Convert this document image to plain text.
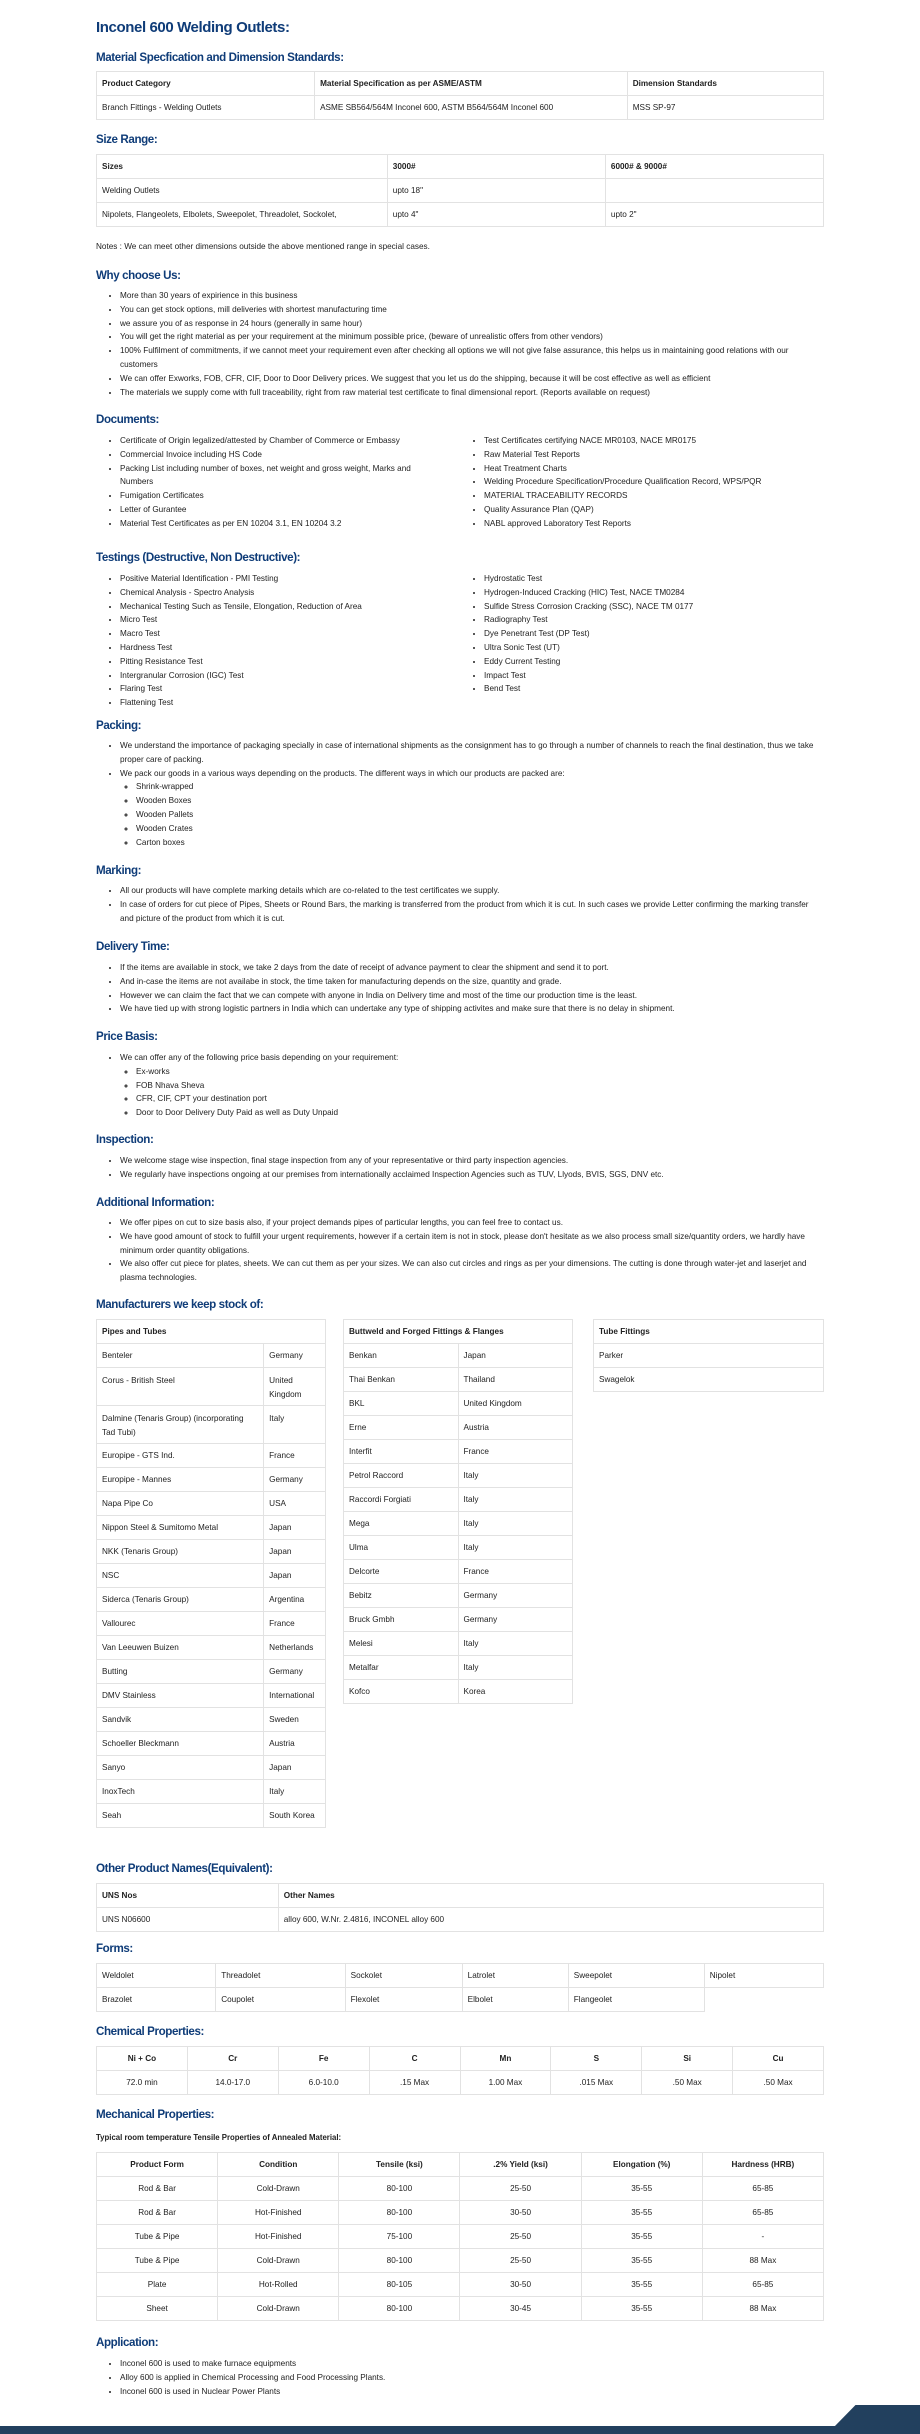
Inconel 600 Welding Outlets:
Material Specfication and Dimension Standards:
Product Category	Material Specification as per ASME/ASTM	Dimension Standards
Branch Fittings - Welding Outlets	ASME SB564/564M Inconel 600, ASTM B564/564M Inconel 600	MSS SP-97
Size Range:
Sizes	3000#	6000# & 9000#
Welding Outlets	upto 18"	
Nipolets, Flangeolets, Elbolets, Sweepolet, Threadolet, Sockolet,	upto 4"	upto 2"
Notes : We can meet other dimensions outside the above mentioned range in special cases.
Why choose Us:
• More than 30 years of expirience in this business
• You can get stock options, mill deliveries with shortest manufacturing time
• we assure you of as response in 24 hours (generally in same hour)
• You will get the right material as per your requirement at the minimum possible price, (beware of unrealistic offers from other vendors)
• 100% Fulfilment of commitments, if we cannot meet your requirement even after checking all options we will not give false assurance, this helps us in maintaining good relations with our customers
• We can offer Exworks, FOB, CFR, CIF, Door to Door Delivery prices. We suggest that you let us do the shipping, because it will be cost effective as well as efficient
• The materials we supply come with full traceability, right from raw material test certificate to final dimensional report. (Reports available on request)
Documents:
• Certificate of Origin legalized/attested by Chamber of Commerce or Embassy
• Commercial Invoice including HS Code
• Packing List including number of boxes, net weight and gross weight, Marks and Numbers
• Fumigation Certificates
• Letter of Gurantee
• Material Test Certificates as per EN 10204 3.1, EN 10204 3.2
• Test Certificates certifying NACE MR0103, NACE MR0175
• Raw Material Test Reports
• Heat Treatment Charts
• Welding Procedure Specification/Procedure Qualification Record, WPS/PQR
• MATERIAL TRACEABILITY RECORDS
• Quality Assurance Plan (QAP)
• NABL approved Laboratory Test Reports
Testings (Destructive, Non Destructive):
• Positive Material Identification - PMI Testing
• Chemical Analysis - Spectro Analysis
• Mechanical Testing Such as Tensile, Elongation, Reduction of Area
• Micro Test
• Macro Test
• Hardness Test
• Pitting Resistance Test
• Intergranular Corrosion (IGC) Test
• Flaring Test
• Flattening Test
• Hydrostatic Test
• Hydrogen-Induced Cracking (HIC) Test, NACE TM0284
• Sulfide Stress Corrosion Cracking (SSC), NACE TM 0177
• Radiography Test
• Dye Penetrant Test (DP Test)
• Ultra Sonic Test (UT)
• Eddy Current Testing
• Impact Test
• Bend Test
Packing:
• We understand the importance of packaging specially in case of international shipments as the consignment has to go through a number of channels to reach the final destination, thus we take proper care of packing.
• We pack our goods in a various ways depending on the products. The different ways in which our products are packed are:
◦ Shrink-wrapped
◦ Wooden Boxes
◦ Wooden Pallets
◦ Wooden Crates
◦ Carton boxes
Marking:
• All our products will have complete marking details which are co-related to the test certificates we supply.
• In case of orders for cut piece of Pipes, Sheets or Round Bars, the marking is transferred from the product from which it is cut. In such cases we provide Letter confirming the marking transfer and picture of the product from which it is cut.
Delivery Time:
• If the items are available in stock, we take 2 days from the date of receipt of advance payment to clear the shipment and send it to port.
• And in-case the items are not availabe in stock, the time taken for manufacturing depends on the size, quantity and grade.
• However we can claim the fact that we can compete with anyone in India on Delivery time and most of the time our production time is the least.
• We have tied up with strong logistic partners in India which can undertake any type of shipping activites and make sure that there is no delay in shipment.
Price Basis:
• We can offer any of the following price basis depending on your requirement:
◦ Ex-works
◦ FOB Nhava Sheva
◦ CFR, CIF, CPT your destination port
◦ Door to Door Delivery Duty Paid as well as Duty Unpaid
Inspection:
• We welcome stage wise inspection, final stage inspection from any of your representative or third party inspection agencies.
• We regularly have inspections ongoing at our premises from internationally acclaimed Inspection Agencies such as TUV, Llyods, BVIS, SGS, DNV etc.
Additional Information:
• We offer pipes on cut to size basis also, if your project demands pipes of particular lengths, you can feel free to contact us.
• We have good amount of stock to fulfill your urgent requirements, however if a certain item is not in stock, please don't hesitate as we also process small size/quantity orders, we hardly have minimum order quantity obligations.
• We also offer cut piece for plates, sheets. We can cut them as per your sizes. We can also cut circles and rings as per your dimensions. The cutting is done through water-jet and laserjet and plasma technologies.
Manufacturers we keep stock of:
Pipes and Tubes	
Benteler	Germany
Corus - British Steel	United Kingdom
Dalmine (Tenaris Group) (incorporating Tad Tubi)	Italy
Europipe - GTS Ind.	France
Europipe - Mannes	Germany
Napa Pipe Co	USA
Nippon Steel & Sumitomo Metal	Japan
NKK (Tenaris Group)	Japan
NSC	Japan
Siderca (Tenaris Group)	Argentina
Vallourec	France
Van Leeuwen Buizen	Netherlands
Butting	Germany
DMV Stainless	International
Sandvik	Sweden
Schoeller Bleckmann	Austria
Sanyo	Japan
InoxTech	Italy
Seah	South Korea
Buttweld and Forged Fittings & Flanges	
Benkan	Japan
Thai Benkan	Thailand
BKL	United Kingdom
Erne	Austria
Interfit	France
Petrol Raccord	Italy
Raccordi Forgiati	Italy
Mega	Italy
Ulma	Italy
Delcorte	France
Bebitz	Germany
Bruck Gmbh	Germany
Melesi	Italy
Metalfar	Italy
Kofco	Korea
Tube Fittings
Parker
Swagelok
Other Product Names(Equivalent):
UNS Nos	Other Names
UNS N06600	alloy 600, W.Nr. 2.4816, INCONEL alloy 600
Forms:
Weldolet	Threadolet	Sockolet	Latrolet	Sweepolet	Nipolet
Brazolet	Coupolet	Flexolet	Elbolet	Flangeolet	
Chemical Properties:
Ni + Co	Cr	Fe	C	Mn	S	Si	Cu
72.0 min	14.0-17.0	6.0-10.0	.15 Max	1.00 Max	.015 Max	.50 Max	.50 Max
Mechanical Properties:
Typical room temperature Tensile Properties of Annealed Material:
Product Form	Condition	Tensile (ksi)	.2% Yield (ksi)	Elongation (%)	Hardness (HRB)
Rod & Bar	Cold-Drawn	80-100	25-50	35-55	65-85
Rod & Bar	Hot-Finished	80-100	30-50	35-55	65-85
Tube & Pipe	Hot-Finished	75-100	25-50	35-55	-
Tube & Pipe	Cold-Drawn	80-100	25-50	35-55	88 Max
Plate	Hot-Rolled	80-105	30-50	35-55	65-85
Sheet	Cold-Drawn	80-100	30-45	35-55	88 Max
Application:
• Inconel 600 is used to make furnace equipments
• Alloy 600 is applied in Chemical Processing and Food Processing Plants.
• Inconel 600 is used in Nuclear Power Plants
